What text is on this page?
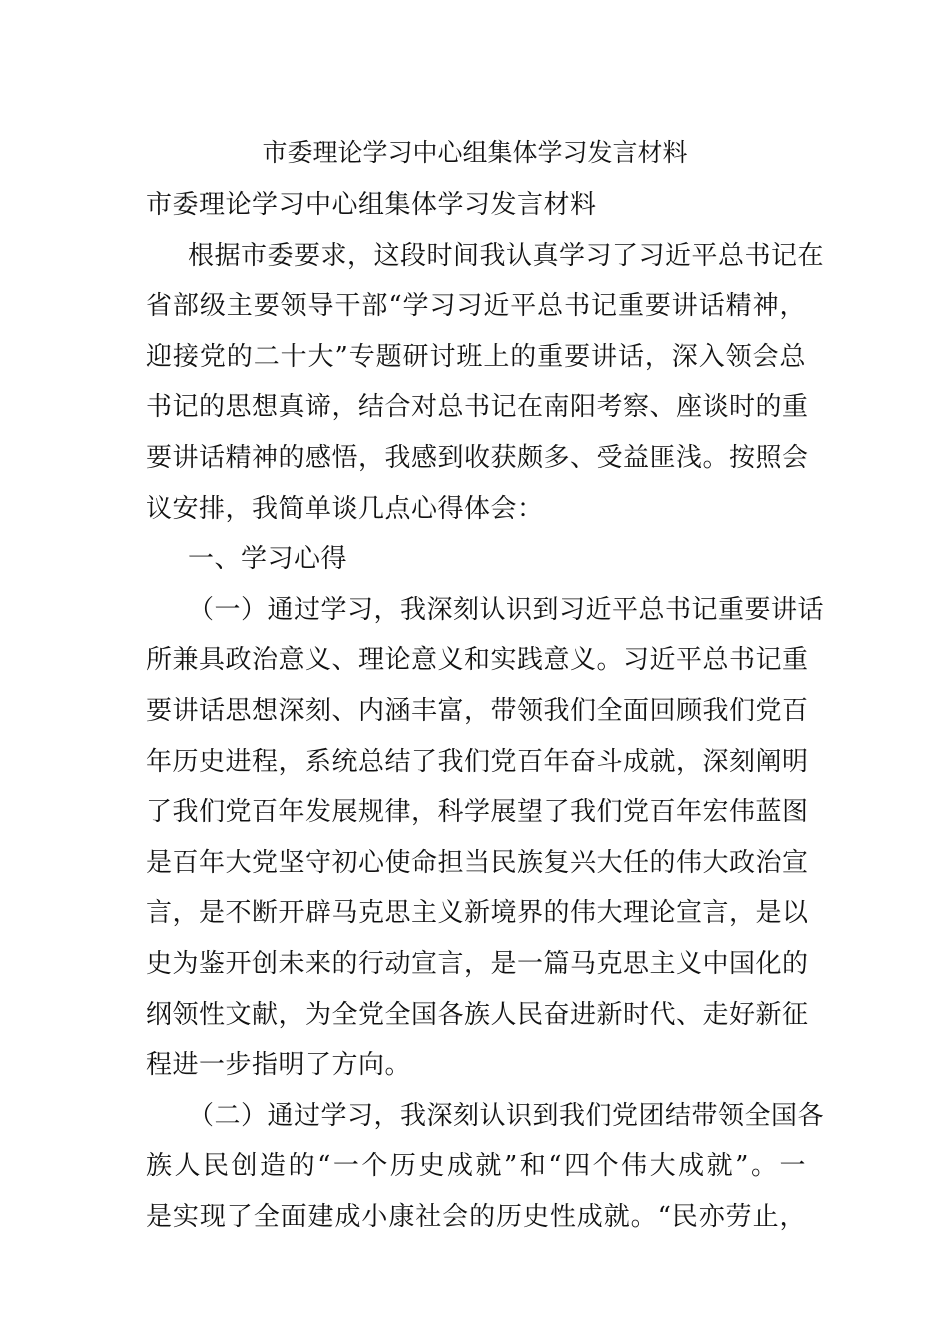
市委理论学习中心组集体学习发言材料
市委理论学习中心组集体学习发言材料
根据市委要求，这段时间我认真学习了习近平总书记在
省部级主要领导干部“学习习近平总书记重要讲话精神，
迎接党的二十大”专题研讨班上的重要讲话，深入领会总
书记的思想真谛，结合对总书记在南阳考察、座谈时的重
要讲话精神的感悟，我感到收获颇多、受益匪浅。按照会
议安排，我简单谈几点心得体会：
一、学习心得
（一）通过学习，我深刻认识到习近平总书记重要讲话
所兼具政治意义、理论意义和实践意义。习近平总书记重
要讲话思想深刻、内涵丰富，带领我们全面回顾我们党百
年历史进程，系统总结了我们党百年奋斗成就，深刻阐明
了我们党百年发展规律，科学展望了我们党百年宏伟蓝图
是百年大党坚守初心使命担当民族复兴大任的伟大政治宣
言，是不断开辟马克思主义新境界的伟大理论宣言，是以
史为鉴开创未来的行动宣言，是一篇马克思主义中国化的
纲领性文献，为全党全国各族人民奋进新时代、走好新征
程进一步指明了方向。
（二）通过学习，我深刻认识到我们党团结带领全国各
族人民创造的“一个历史成就”和“四个伟大成就”。一
是实现了全面建成小康社会的历史性成就。“民亦劳止，
